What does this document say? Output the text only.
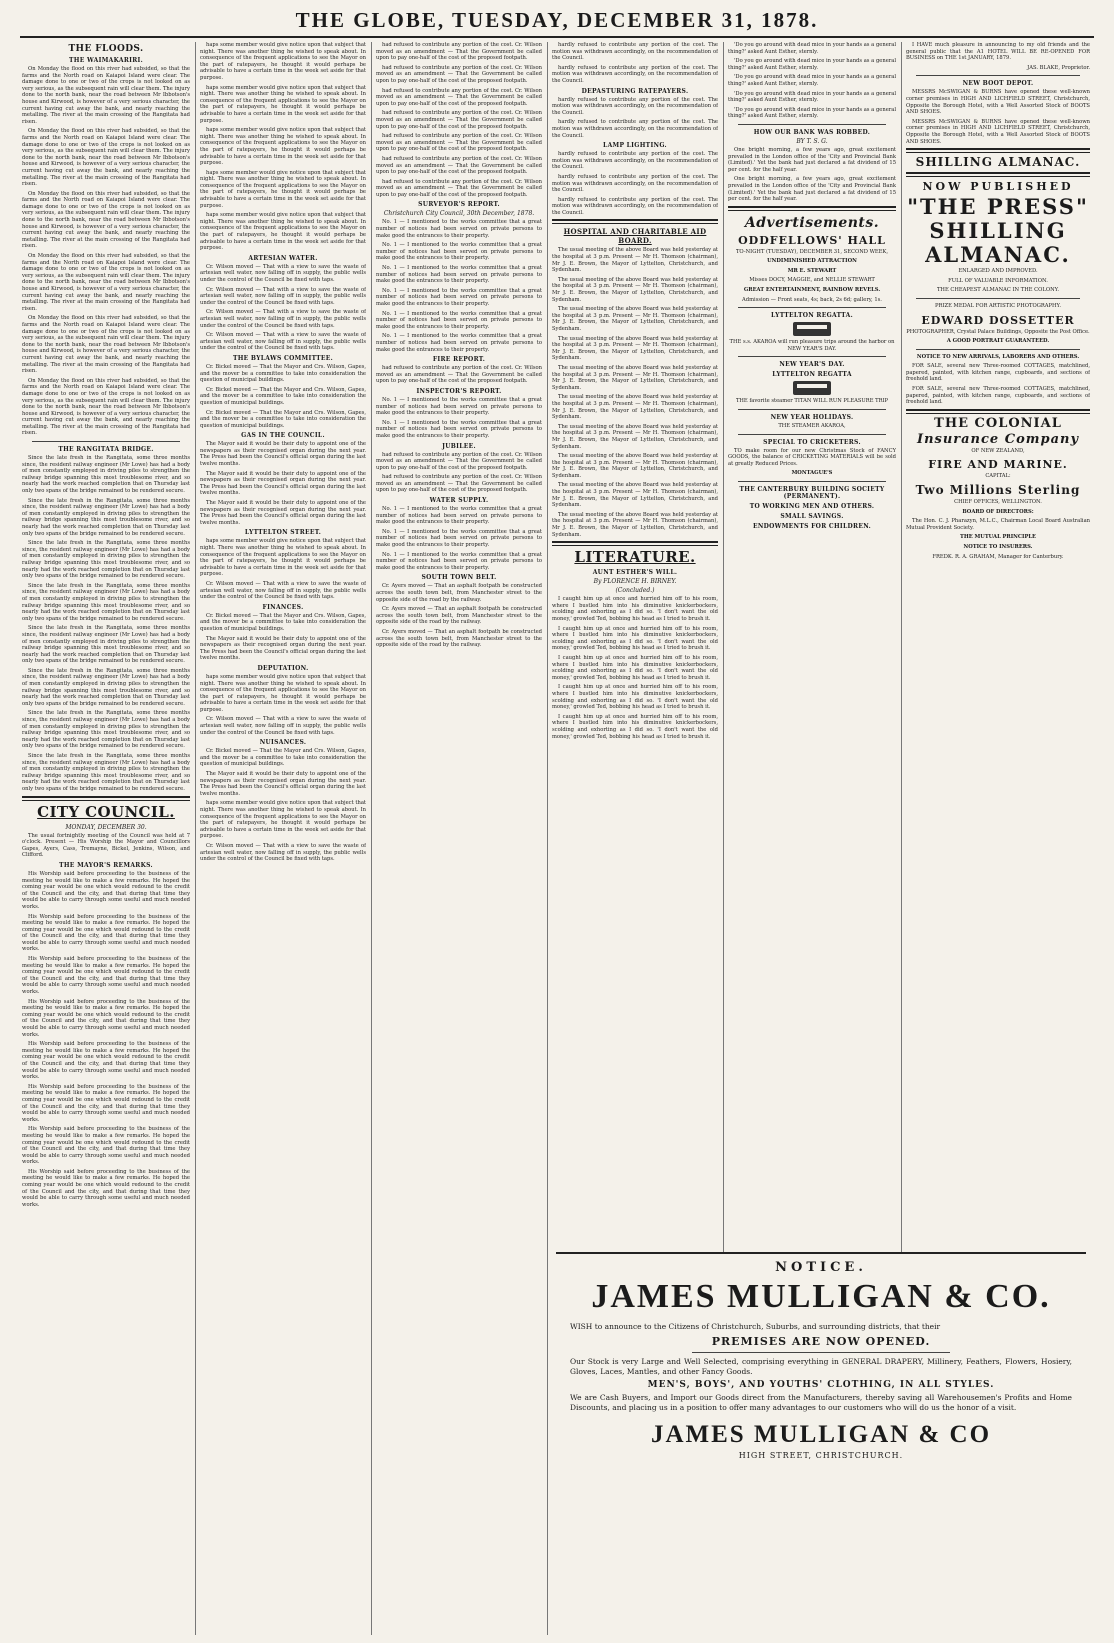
THE GLOBE, TUESDAY, DECEMBER 31, 1878.
THE FLOODS.
THE WAIMAKARIRI.

On Monday the flood on this river had subsided, so that the farms and the North road on Kaiapoi Island were clear. The damage done to one or two of the crops is not looked on as very serious, as the subsequent rain will clear them. The injury done to the north bank, near the road between Mr Ibbotson's house and Kirwood, is however of a very serious character, the current having cut away the bank, and nearly reaching the metalling. The river at the main crossing of the Rangitata had risen.

On Monday the flood on this river had subsided, so that the farms and the North road on Kaiapoi Island were clear. The damage done to one or two of the crops is not looked on as very serious, as the subsequent rain will clear them. The injury done to the north bank, near the road between Mr Ibbotson's house and Kirwood, is however of a very serious character, the current having cut away the bank, and nearly reaching the metalling. The river at the main crossing of the Rangitata had risen.

On Monday the flood on this river had subsided, so that the farms and the North road on Kaiapoi Island were clear. The damage done to one or two of the crops is not looked on as very serious, as the subsequent rain will clear them. The injury done to the north bank, near the road between Mr Ibbotson's house and Kirwood, is however of a very serious character, the current having cut away the bank, and nearly reaching the metalling. The river at the main crossing of the Rangitata had risen.

On Monday the flood on this river had subsided, so that the farms and the North road on Kaiapoi Island were clear. The damage done to one or two of the crops is not looked on as very serious, as the subsequent rain will clear them. The injury done to the north bank, near the road between Mr Ibbotson's house and Kirwood, is however of a very serious character, the current having cut away the bank, and nearly reaching the metalling. The river at the main crossing of the Rangitata had risen.

On Monday the flood on this river had subsided, so that the farms and the North road on Kaiapoi Island were clear. The damage done to one or two of the crops is not looked on as very serious, as the subsequent rain will clear them. The injury done to the north bank, near the road between Mr Ibbotson's house and Kirwood, is however of a very serious character, the current having cut away the bank, and nearly reaching the metalling. The river at the main crossing of the Rangitata had risen.

On Monday the flood on this river had subsided, so that the farms and the North road on Kaiapoi Island were clear. The damage done to one or two of the crops is not looked on as very serious, as the subsequent rain will clear them. The injury done to the north bank, near the road between Mr Ibbotson's house and Kirwood, is however of a very serious character, the current having cut away the bank, and nearly reaching the metalling. The river at the main crossing of the Rangitata had risen.

THE RANGITATA BRIDGE.

Since the late fresh in the Rangitata, some three months since, the resident railway engineer (Mr Lowe) has had a body of men constantly employed in driving piles to strengthen the railway bridge spanning this most troublesome river, and so nearly had the work reached completion that on Thursday last only two spans of the bridge remained to be rendered secure.

Since the late fresh in the Rangitata, some three months since, the resident railway engineer (Mr Lowe) has had a body of men constantly employed in driving piles to strengthen the railway bridge spanning this most troublesome river, and so nearly had the work reached completion that on Thursday last only two spans of the bridge remained to be rendered secure.

Since the late fresh in the Rangitata, some three months since, the resident railway engineer (Mr Lowe) has had a body of men constantly employed in driving piles to strengthen the railway bridge spanning this most troublesome river, and so nearly had the work reached completion that on Thursday last only two spans of the bridge remained to be rendered secure.

Since the late fresh in the Rangitata, some three months since, the resident railway engineer (Mr Lowe) has had a body of men constantly employed in driving piles to strengthen the railway bridge spanning this most troublesome river, and so nearly had the work reached completion that on Thursday last only two spans of the bridge remained to be rendered secure.

Since the late fresh in the Rangitata, some three months since, the resident railway engineer (Mr Lowe) has had a body of men constantly employed in driving piles to strengthen the railway bridge spanning this most troublesome river, and so nearly had the work reached completion that on Thursday last only two spans of the bridge remained to be rendered secure.

Since the late fresh in the Rangitata, some three months since, the resident railway engineer (Mr Lowe) has had a body of men constantly employed in driving piles to strengthen the railway bridge spanning this most troublesome river, and so nearly had the work reached completion that on Thursday last only two spans of the bridge remained to be rendered secure.

Since the late fresh in the Rangitata, some three months since, the resident railway engineer (Mr Lowe) has had a body of men constantly employed in driving piles to strengthen the railway bridge spanning this most troublesome river, and so nearly had the work reached completion that on Thursday last only two spans of the bridge remained to be rendered secure.

Since the late fresh in the Rangitata, some three months since, the resident railway engineer (Mr Lowe) has had a body of men constantly employed in driving piles to strengthen the railway bridge spanning this most troublesome river, and so nearly had the work reached completion that on Thursday last only two spans of the bridge remained to be rendered secure.

CITY COUNCIL.
MONDAY, DECEMBER 30.

The usual fortnightly meeting of the Council was held at 7 o'clock. Present — His Worship the Mayor and Councillors Gapes, Ayers, Cass, Tremayne, Bickel, Jenkins, Wilson, and Clifford.

THE MAYOR'S REMARKS.

His Worship said before proceeding to the business of the meeting he would like to make a few remarks. He hoped the coming year would be one which would redound to the credit of the Council and the city, and that during that time they would be able to carry through some useful and much needed works.

His Worship said before proceeding to the business of the meeting he would like to make a few remarks. He hoped the coming year would be one which would redound to the credit of the Council and the city, and that during that time they would be able to carry through some useful and much needed works.

His Worship said before proceeding to the business of the meeting he would like to make a few remarks. He hoped the coming year would be one which would redound to the credit of the Council and the city, and that during that time they would be able to carry through some useful and much needed works.

His Worship said before proceeding to the business of the meeting he would like to make a few remarks. He hoped the coming year would be one which would redound to the credit of the Council and the city, and that during that time they would be able to carry through some useful and much needed works.

His Worship said before proceeding to the business of the meeting he would like to make a few remarks. He hoped the coming year would be one which would redound to the credit of the Council and the city, and that during that time they would be able to carry through some useful and much needed works.

His Worship said before proceeding to the business of the meeting he would like to make a few remarks. He hoped the coming year would be one which would redound to the credit of the Council and the city, and that during that time they would be able to carry through some useful and much needed works.

His Worship said before proceeding to the business of the meeting he would like to make a few remarks. He hoped the coming year would be one which would redound to the credit of the Council and the city, and that during that time they would be able to carry through some useful and much needed works.

His Worship said before proceeding to the business of the meeting he would like to make a few remarks. He hoped the coming year would be one which would redound to the credit of the Council and the city, and that during that time they would be able to carry through some useful and much needed works.

haps some member would give notice upon that subject that night. There was another thing he wished to speak about. In consequence of the frequent applications to see the Mayor on the part of ratepayers, he thought it would perhaps be advisable to have a certain time in the week set aside for that purpose.

haps some member would give notice upon that subject that night. There was another thing he wished to speak about. In consequence of the frequent applications to see the Mayor on the part of ratepayers, he thought it would perhaps be advisable to have a certain time in the week set aside for that purpose.

haps some member would give notice upon that subject that night. There was another thing he wished to speak about. In consequence of the frequent applications to see the Mayor on the part of ratepayers, he thought it would perhaps be advisable to have a certain time in the week set aside for that purpose.

haps some member would give notice upon that subject that night. There was another thing he wished to speak about. In consequence of the frequent applications to see the Mayor on the part of ratepayers, he thought it would perhaps be advisable to have a certain time in the week set aside for that purpose.

haps some member would give notice upon that subject that night. There was another thing he wished to speak about. In consequence of the frequent applications to see the Mayor on the part of ratepayers, he thought it would perhaps be advisable to have a certain time in the week set aside for that purpose.

ARTESIAN WATER.

Cr. Wilson moved — That with a view to save the waste of artesian well water, now falling off in supply, the public wells under the control of the Council be fixed with taps.

Cr. Wilson moved — That with a view to save the waste of artesian well water, now falling off in supply, the public wells under the control of the Council be fixed with taps.

Cr. Wilson moved — That with a view to save the waste of artesian well water, now falling off in supply, the public wells under the control of the Council be fixed with taps.

Cr. Wilson moved — That with a view to save the waste of artesian well water, now falling off in supply, the public wells under the control of the Council be fixed with taps.

THE BYLAWS COMMITTEE.

Cr. Bickel moved — That the Mayor and Crs. Wilson, Gapes, and the mover be a committee to take into consideration the question of municipal buildings.

Cr. Bickel moved — That the Mayor and Crs. Wilson, Gapes, and the mover be a committee to take into consideration the question of municipal buildings.

Cr. Bickel moved — That the Mayor and Crs. Wilson, Gapes, and the mover be a committee to take into consideration the question of municipal buildings.

GAS IN THE COUNCIL.

The Mayor said it would be their duty to appoint one of the newspapers as their recognised organ during the next year. The Press had been the Council's official organ during the last twelve months.

The Mayor said it would be their duty to appoint one of the newspapers as their recognised organ during the next year. The Press had been the Council's official organ during the last twelve months.

The Mayor said it would be their duty to appoint one of the newspapers as their recognised organ during the next year. The Press had been the Council's official organ during the last twelve months.

LYTTELTON STREET.

haps some member would give notice upon that subject that night. There was another thing he wished to speak about. In consequence of the frequent applications to see the Mayor on the part of ratepayers, he thought it would perhaps be advisable to have a certain time in the week set aside for that purpose.

Cr. Wilson moved — That with a view to save the waste of artesian well water, now falling off in supply, the public wells under the control of the Council be fixed with taps.

FINANCES.

Cr. Bickel moved — That the Mayor and Crs. Wilson, Gapes, and the mover be a committee to take into consideration the question of municipal buildings.

The Mayor said it would be their duty to appoint one of the newspapers as their recognised organ during the next year. The Press had been the Council's official organ during the last twelve months.

DEPUTATION.

haps some member would give notice upon that subject that night. There was another thing he wished to speak about. In consequence of the frequent applications to see the Mayor on the part of ratepayers, he thought it would perhaps be advisable to have a certain time in the week set aside for that purpose.

Cr. Wilson moved — That with a view to save the waste of artesian well water, now falling off in supply, the public wells under the control of the Council be fixed with taps.

NUISANCES.

Cr. Bickel moved — That the Mayor and Crs. Wilson, Gapes, and the mover be a committee to take into consideration the question of municipal buildings.

The Mayor said it would be their duty to appoint one of the newspapers as their recognised organ during the next year. The Press had been the Council's official organ during the last twelve months.

haps some member would give notice upon that subject that night. There was another thing he wished to speak about. In consequence of the frequent applications to see the Mayor on the part of ratepayers, he thought it would perhaps be advisable to have a certain time in the week set aside for that purpose.

Cr. Wilson moved — That with a view to save the waste of artesian well water, now falling off in supply, the public wells under the control of the Council be fixed with taps.

had refused to contribute any portion of the cost. Cr. Wilson moved as an amendment — That the Government be called upon to pay one-half of the cost of the proposed footpath.

had refused to contribute any portion of the cost. Cr. Wilson moved as an amendment — That the Government be called upon to pay one-half of the cost of the proposed footpath.

had refused to contribute any portion of the cost. Cr. Wilson moved as an amendment — That the Government be called upon to pay one-half of the cost of the proposed footpath.

had refused to contribute any portion of the cost. Cr. Wilson moved as an amendment — That the Government be called upon to pay one-half of the cost of the proposed footpath.

had refused to contribute any portion of the cost. Cr. Wilson moved as an amendment — That the Government be called upon to pay one-half of the cost of the proposed footpath.

had refused to contribute any portion of the cost. Cr. Wilson moved as an amendment — That the Government be called upon to pay one-half of the cost of the proposed footpath.

had refused to contribute any portion of the cost. Cr. Wilson moved as an amendment — That the Government be called upon to pay one-half of the cost of the proposed footpath.

SURVEYOR'S REPORT.
Christchurch City Council, 30th December, 1878.

No. 1 — I mentioned to the works committee that a great number of notices had been served on private persons to make good the entrances to their property.

No. 1 — I mentioned to the works committee that a great number of notices had been served on private persons to make good the entrances to their property.

No. 1 — I mentioned to the works committee that a great number of notices had been served on private persons to make good the entrances to their property.

No. 1 — I mentioned to the works committee that a great number of notices had been served on private persons to make good the entrances to their property.

No. 1 — I mentioned to the works committee that a great number of notices had been served on private persons to make good the entrances to their property.

No. 1 — I mentioned to the works committee that a great number of notices had been served on private persons to make good the entrances to their property.

FIRE REPORT.

had refused to contribute any portion of the cost. Cr. Wilson moved as an amendment — That the Government be called upon to pay one-half of the cost of the proposed footpath.

INSPECTOR'S REPORT.

No. 1 — I mentioned to the works committee that a great number of notices had been served on private persons to make good the entrances to their property.

No. 1 — I mentioned to the works committee that a great number of notices had been served on private persons to make good the entrances to their property.

JUBILEE.

had refused to contribute any portion of the cost. Cr. Wilson moved as an amendment — That the Government be called upon to pay one-half of the cost of the proposed footpath.

had refused to contribute any portion of the cost. Cr. Wilson moved as an amendment — That the Government be called upon to pay one-half of the cost of the proposed footpath.

WATER SUPPLY.

No. 1 — I mentioned to the works committee that a great number of notices had been served on private persons to make good the entrances to their property.

No. 1 — I mentioned to the works committee that a great number of notices had been served on private persons to make good the entrances to their property.

No. 1 — I mentioned to the works committee that a great number of notices had been served on private persons to make good the entrances to their property.

SOUTH TOWN BELT.

Cr. Ayers moved — That an asphalt footpath be constructed across the south town belt, from Manchester street to the opposite side of the road by the railway.

Cr. Ayers moved — That an asphalt footpath be constructed across the south town belt, from Manchester street to the opposite side of the road by the railway.

Cr. Ayers moved — That an asphalt footpath be constructed across the south town belt, from Manchester street to the opposite side of the road by the railway.

hardly refused to contribute any portion of the cost. The motion was withdrawn accordingly, on the recommendation of the Council.

hardly refused to contribute any portion of the cost. The motion was withdrawn accordingly, on the recommendation of the Council.

DEPASTURING RATEPAYERS.

hardly refused to contribute any portion of the cost. The motion was withdrawn accordingly, on the recommendation of the Council.

hardly refused to contribute any portion of the cost. The motion was withdrawn accordingly, on the recommendation of the Council.

LAMP LIGHTING.

hardly refused to contribute any portion of the cost. The motion was withdrawn accordingly, on the recommendation of the Council.

hardly refused to contribute any portion of the cost. The motion was withdrawn accordingly, on the recommendation of the Council.

hardly refused to contribute any portion of the cost. The motion was withdrawn accordingly, on the recommendation of the Council.

HOSPITAL AND CHARITABLE AID BOARD.

The usual meeting of the above Board was held yesterday at the hospital at 3 p.m. Present — Mr H. Thomson (chairman), Mr J. E. Brown, the Mayor of Lyttelton, Christchurch, and Sydenham.

The usual meeting of the above Board was held yesterday at the hospital at 3 p.m. Present — Mr H. Thomson (chairman), Mr J. E. Brown, the Mayor of Lyttelton, Christchurch, and Sydenham.

The usual meeting of the above Board was held yesterday at the hospital at 3 p.m. Present — Mr H. Thomson (chairman), Mr J. E. Brown, the Mayor of Lyttelton, Christchurch, and Sydenham.

The usual meeting of the above Board was held yesterday at the hospital at 3 p.m. Present — Mr H. Thomson (chairman), Mr J. E. Brown, the Mayor of Lyttelton, Christchurch, and Sydenham.

The usual meeting of the above Board was held yesterday at the hospital at 3 p.m. Present — Mr H. Thomson (chairman), Mr J. E. Brown, the Mayor of Lyttelton, Christchurch, and Sydenham.

The usual meeting of the above Board was held yesterday at the hospital at 3 p.m. Present — Mr H. Thomson (chairman), Mr J. E. Brown, the Mayor of Lyttelton, Christchurch, and Sydenham.

The usual meeting of the above Board was held yesterday at the hospital at 3 p.m. Present — Mr H. Thomson (chairman), Mr J. E. Brown, the Mayor of Lyttelton, Christchurch, and Sydenham.

The usual meeting of the above Board was held yesterday at the hospital at 3 p.m. Present — Mr H. Thomson (chairman), Mr J. E. Brown, the Mayor of Lyttelton, Christchurch, and Sydenham.

The usual meeting of the above Board was held yesterday at the hospital at 3 p.m. Present — Mr H. Thomson (chairman), Mr J. E. Brown, the Mayor of Lyttelton, Christchurch, and Sydenham.

The usual meeting of the above Board was held yesterday at the hospital at 3 p.m. Present — Mr H. Thomson (chairman), Mr J. E. Brown, the Mayor of Lyttelton, Christchurch, and Sydenham.

LITERATURE.
AUNT ESTHER'S WILL.
By FLORENCE H. BIRNEY.
(Concluded.)

I caught him up at once and hurried him off to his room, where I bustled him into his diminutive knickerbockers, scolding and exhorting as I did so. 'I don't want the old money,' growled Ted, bobbing his head as I tried to brush it.

I caught him up at once and hurried him off to his room, where I bustled him into his diminutive knickerbockers, scolding and exhorting as I did so. 'I don't want the old money,' growled Ted, bobbing his head as I tried to brush it.

I caught him up at once and hurried him off to his room, where I bustled him into his diminutive knickerbockers, scolding and exhorting as I did so. 'I don't want the old money,' growled Ted, bobbing his head as I tried to brush it.

I caught him up at once and hurried him off to his room, where I bustled him into his diminutive knickerbockers, scolding and exhorting as I did so. 'I don't want the old money,' growled Ted, bobbing his head as I tried to brush it.

I caught him up at once and hurried him off to his room, where I bustled him into his diminutive knickerbockers, scolding and exhorting as I did so. 'I don't want the old money,' growled Ted, bobbing his head as I tried to brush it.

'Do you go around with dead mice in your hands as a general thing?' asked Aunt Esther, sternly.

'Do you go around with dead mice in your hands as a general thing?' asked Aunt Esther, sternly.

'Do you go around with dead mice in your hands as a general thing?' asked Aunt Esther, sternly.

'Do you go around with dead mice in your hands as a general thing?' asked Aunt Esther, sternly.

'Do you go around with dead mice in your hands as a general thing?' asked Aunt Esther, sternly.

HOW OUR BANK WAS ROBBED.
BY T. S. G.

One bright morning, a few years ago, great excitement prevailed in the London office of the 'City and Provincial Bank (Limited).' Yet the bank had just declared a fat dividend of 15 per cent. for the half year.

One bright morning, a few years ago, great excitement prevailed in the London office of the 'City and Provincial Bank (Limited).' Yet the bank had just declared a fat dividend of 15 per cent. for the half year.

Advertisements.
ODDFELLOWS' HALL

TO-NIGHT (TUESDAY), DECEMBER 31, SECOND WEEK,

UNDIMINISHED ATTRACTION

MR E. STEWART

Misses DOCY, MAGGIE, and NELLIE STEWART

GREAT ENTERTAINMENT, RAINBOW REVELS.

Admission — Front seats, 4s; back, 2s 6d; gallery, 1s.

LYTTELTON REGATTA.

THE s.s. AKAROA will run pleasure trips around the harbor on NEW YEAR'S DAY.

NEW YEAR'S DAY.
LYTTELTON REGATTA

THE favorite steamer TITAN WILL RUN PLEASURE TRIP

NEW YEAR HOLIDAYS.

THE STEAMER AKAROA,

SPECIAL TO CRICKETERS.

TO make room for our new Christmas Stock of FANCY GOODS, the balance of CRICKETING MATERIALS will be sold at greatly Reduced Prices.

MONTAGUE'S

THE CANTERBURY BUILDING SOCIETY (PERMANENT).
TO WORKING MEN AND OTHERS.
SMALL SAVINGS.
ENDOWMENTS FOR CHILDREN.

I HAVE much pleasure in announcing to my old friends and the general public that the A1 HOTEL WILL BE RE-OPENED FOR BUSINESS on THE 1st JANUARY, 1879.

JAS. BLAKE, Proprietor.

NEW BOOT DEPOT.

MESSRS McSWIGAN & BURNS have opened these well-known corner premises in HIGH AND LICHFIELD STREET, Christchurch, Opposite the Borough Hotel, with a Well Assorted Stock of BOOTS AND SHOES.

MESSRS McSWIGAN & BURNS have opened these well-known corner premises in HIGH AND LICHFIELD STREET, Christchurch, Opposite the Borough Hotel, with a Well Assorted Stock of BOOTS AND SHOES.

SHILLING ALMANAC.
NOW PUBLISHED
"THE PRESS"
SHILLING
ALMANAC.

ENLARGED AND IMPROVED.

FULL OF VALUABLE INFORMATION.

THE CHEAPEST ALMANAC IN THE COLONY.

PRIZE MEDAL FOR ARTISTIC PHOTOGRAPHY.

EDWARD DOSSETTER

PHOTOGRAPHER, Crystal Palace Buildings, Opposite the Post Office.

A GOOD PORTRAIT GUARANTEED.

NOTICE TO NEW ARRIVALS, LABORERS AND OTHERS.

FOR SALE, several new Three-roomed COTTAGES, matchlined, papered, painted, with kitchen range, cupboards, and sections of freehold land.

FOR SALE, several new Three-roomed COTTAGES, matchlined, papered, painted, with kitchen range, cupboards, and sections of freehold land.

THE COLONIAL
Insurance Company

OF NEW ZEALAND,

FIRE AND MARINE.

CAPITAL:

Two Millions Sterling

CHIEF OFFICES, WELLINGTON.

BOARD OF DIRECTORS:

The Hon. C. J. Pharazyn, M.L.C., Chairman Local Board Australian Mutual Provident Society.

THE MUTUAL PRINCIPLE

NOTICE TO INSURERS.

FREDK. R. A. GRAHAM, Manager for Canterbury.

NOTICE.
JAMES MULLIGAN & CO.
WISH to announce to the Citizens of Christchurch, Suburbs, and surrounding districts, that their
PREMISES ARE NOW OPENED.
Our Stock is very Large and Well Selected, comprising everything in GENERAL DRAPERY, Millinery, Feathers, Flowers, Hosiery, Gloves, Laces, Mantles, and other Fancy Goods.
MEN'S, BOYS', AND YOUTHS' CLOTHING, IN ALL STYLES.
We are Cash Buyers, and Import our Goods direct from the Manufacturers, thereby saving all Warehousemen's Profits and Home Discounts, and placing us in a position to offer many advantages to our customers who will do us the honor of a visit.
JAMES MULLIGAN & CO
HIGH STREET, CHRISTCHURCH.
